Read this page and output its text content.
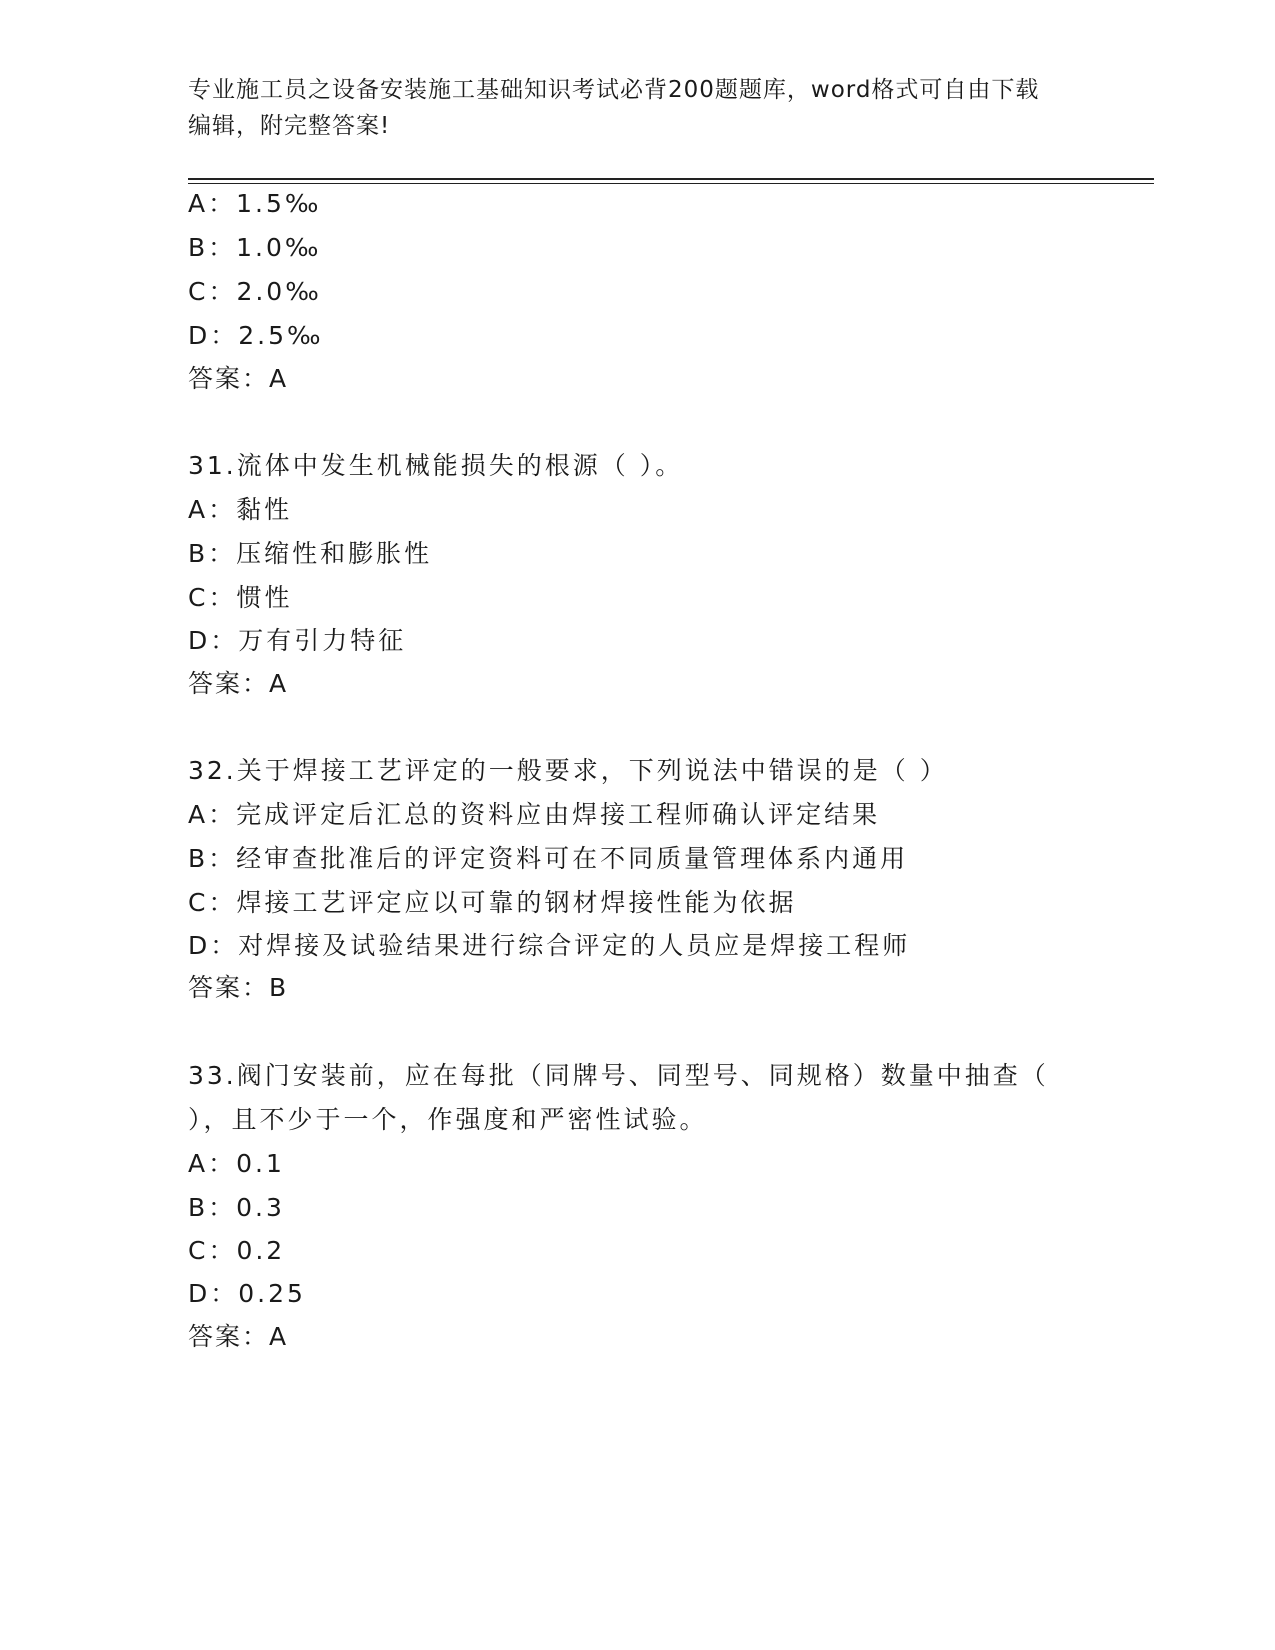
专业施工员之设备安装施工基础知识考试必背200题题库，word格式可自由下载
编辑，附完整答案!
A：1.5‰
B：1.0‰
C：2.0‰
D：2.5‰
答案：A
31.流体中发生机械能损失的根源（ ）。
A：黏性
B：压缩性和膨胀性
C：惯性
D：万有引力特征
答案：A
32.关于焊接工艺评定的一般要求，下列说法中错误的是（ ）
A：完成评定后汇总的资料应由焊接工程师确认评定结果
B：经审查批准后的评定资料可在不同质量管理体系内通用
C：焊接工艺评定应以可靠的钢材焊接性能为依据
D：对焊接及试验结果进行综合评定的人员应是焊接工程师
答案：B
33.阀门安装前，应在每批（同牌号、同型号、同规格）数量中抽查（
），且不少于一个，作强度和严密性试验。
A：0.1
B：0.3
C：0.2
D：0.25
答案：A
